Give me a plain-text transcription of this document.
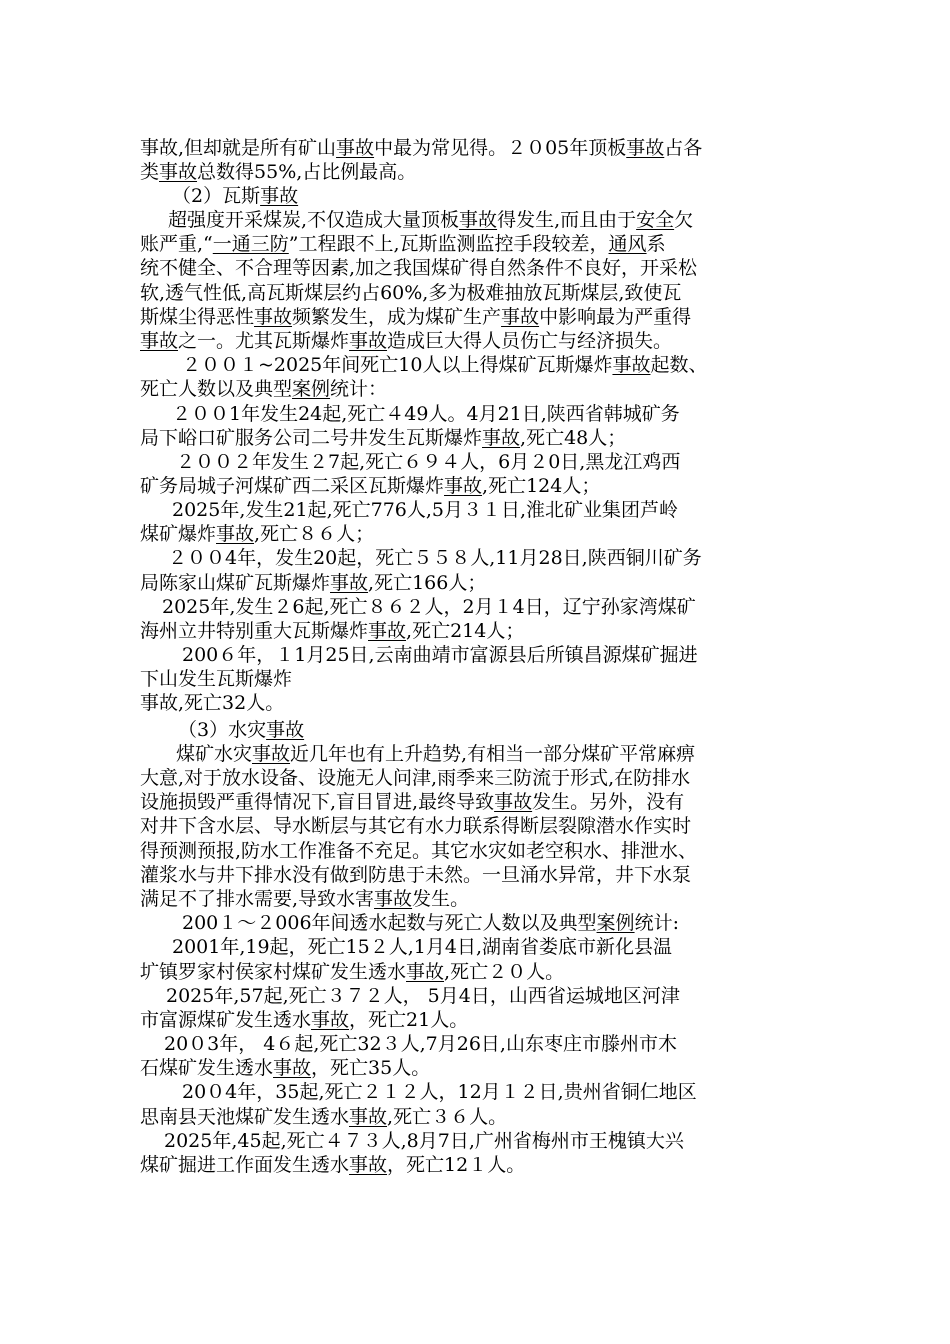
事故,但却就是所有矿山事故中最为常见得。２０05年顶板事故占各
类事故总数得55%,占比例最高。
（2）瓦斯事故
超强度开采煤炭,不仅造成大量顶板事故得发生,而且由于安全欠
账严重,“一通三防”工程跟不上,瓦斯监测监控手段较差，通风系
统不健全、不合理等因素,加之我国煤矿得自然条件不良好，开采松
软,透气性低,高瓦斯煤层约占60%,多为极难抽放瓦斯煤层,致使瓦
斯煤尘得恶性事故频繁发生，成为煤矿生产事故中影响最为严重得
事故之一。尤其瓦斯爆炸事故造成巨大得人员伤亡与经济损失。
２００１~2025年间死亡10人以上得煤矿瓦斯爆炸事故起数、
死亡人数以及典型案例统计：
２００1年发生24起,死亡４49人。4月21日,陕西省韩城矿务
局下峪口矿服务公司二号井发生瓦斯爆炸事故,死亡48人；
２００２年发生２7起,死亡６９４人，6月２0日,黑龙江鸡西
矿务局城子河煤矿西二采区瓦斯爆炸事故,死亡124人；
2025年,发生21起,死亡776人,5月３１日,淮北矿业集团芦岭
煤矿爆炸事故,死亡８６人；
２００4年，发生20起，死亡５５８人,11月28日,陕西铜川矿务
局陈家山煤矿瓦斯爆炸事故,死亡166人；
2025年,发生２6起,死亡８６２人，2月１4日，辽宁孙家湾煤矿
海州立井特别重大瓦斯爆炸事故,死亡214人；
200６年，１1月25日,云南曲靖市富源县后所镇昌源煤矿掘进
下山发生瓦斯爆炸
事故,死亡32人。
（3）水灾事故
煤矿水灾事故近几年也有上升趋势,有相当一部分煤矿平常麻痹
大意,对于放水设备、设施无人问津,雨季来三防流于形式,在防排水
设施损毁严重得情况下,盲目冒进,最终导致事故发生。另外，没有
对井下含水层、导水断层与其它有水力联系得断层裂隙潜水作实时
得预测预报,防水工作准备不充足。其它水灾如老空积水、排泄水、
灌浆水与井下排水没有做到防患于未然。一旦涌水异常，井下水泵
满足不了排水需要,导致水害事故发生。
200１～２006年间透水起数与死亡人数以及典型案例统计:
2001年,19起，死亡15２人,1月4日,湖南省娄底市新化县温
圹镇罗家村侯家村煤矿发生透水事故,死亡２０人。
2025年,57起,死亡３７２人， 5月4日，山西省运城地区河津
市富源煤矿发生透水事故，死亡21人。
20０3年， 4６起,死亡32３人,7月26日,山东枣庄市滕州市木
石煤矿发生透水事故，死亡35人。
20０4年，35起,死亡２１２人，12月１２日,贵州省铜仁地区
思南县天池煤矿发生透水事故,死亡３６人。
2025年,45起,死亡４７３人,8月7日,广州省梅州市王槐镇大兴
煤矿掘进工作面发生透水事故，死亡12１人。
